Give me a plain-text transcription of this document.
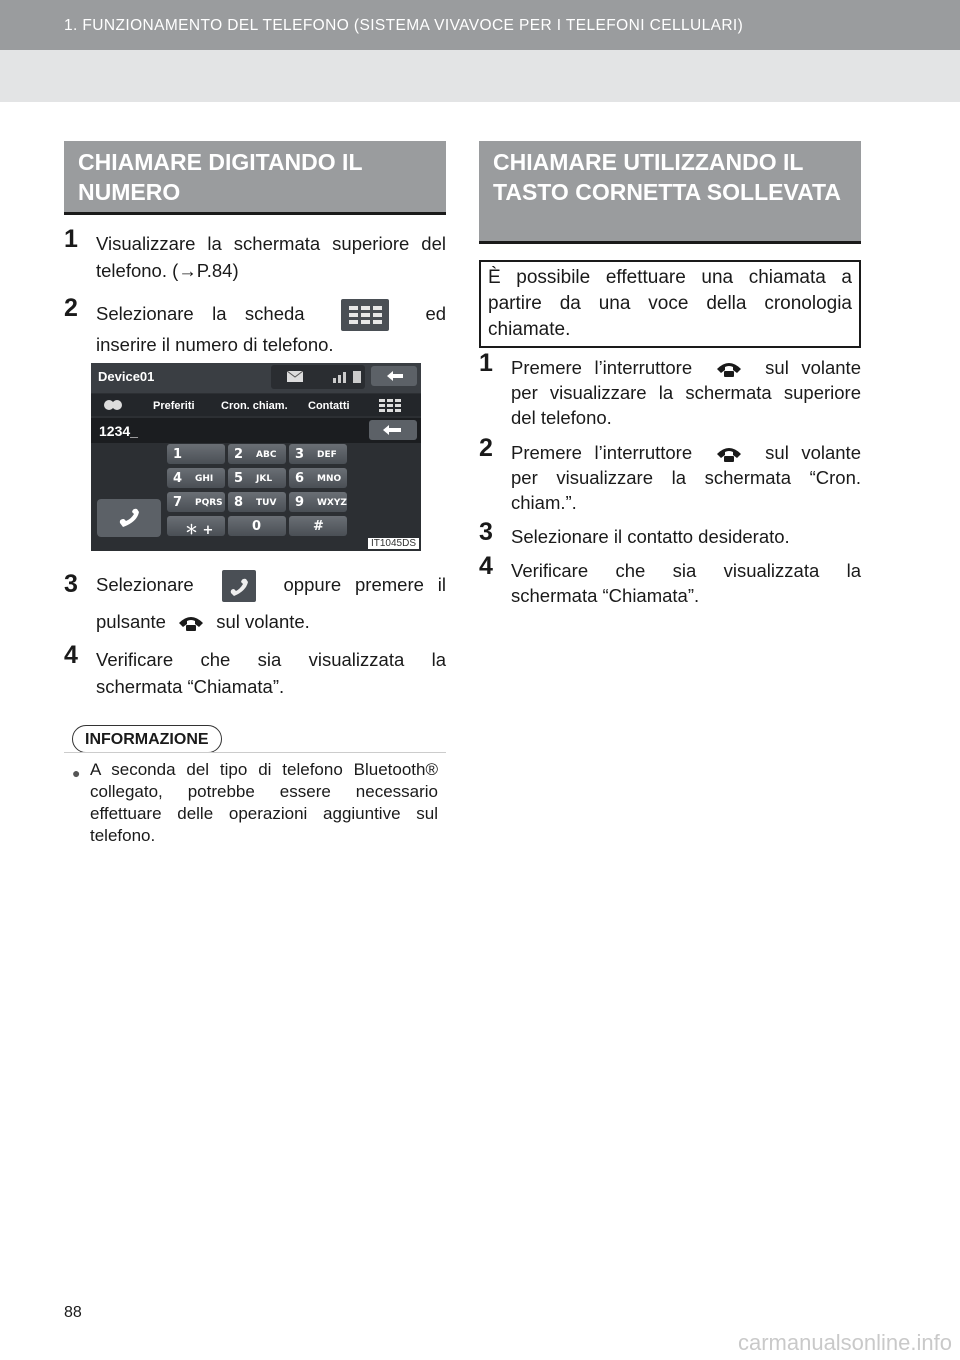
1. FUNZIONAMENTO DEL TELEFONO (SISTEMA VIVAVOCE PER I TELEFONI CELLULARI)
CHIAMARE DIGITANDO IL NUMERO
1 Visualizzare la schermata superiore del telefono. (→P.84)
2 Selezionare la scheda	ed inserire il numero di telefono.
Device01
Preferiti Cron. chiam. Contatti
1234_
1	2 ABC 3 DEF
4 GHI 5 JKL 6 MNO
7 PQRS 8 TUV 9 WXYZ
＊ +	0	#
IT1045DS
3 Selezionare	oppure premere il pulsante	sul volante.
4 Verificare che sia visualizzata la schermata “Chiamata”.
INFORMAZIONE
● A seconda del tipo di telefono Bluetooth® collegato, potrebbe essere necessario effettuare delle operazioni aggiuntive sul telefono.
CHIAMARE UTILIZZANDO IL TASTO CORNETTA SOLLEVATA
È possibile effettuare una chiamata a partire da una voce della cronologia chiamate.
1 Premere l’interruttore	sul volante per visualizzare la schermata superiore del telefono.
2 Premere l’interruttore	sul volante per visualizzare la schermata “Cron. chiam.”.
3 Selezionare il contatto desiderato.
4 Verificare che sia visualizzata la schermata “Chiamata”.
88
carmanualsonline.info
